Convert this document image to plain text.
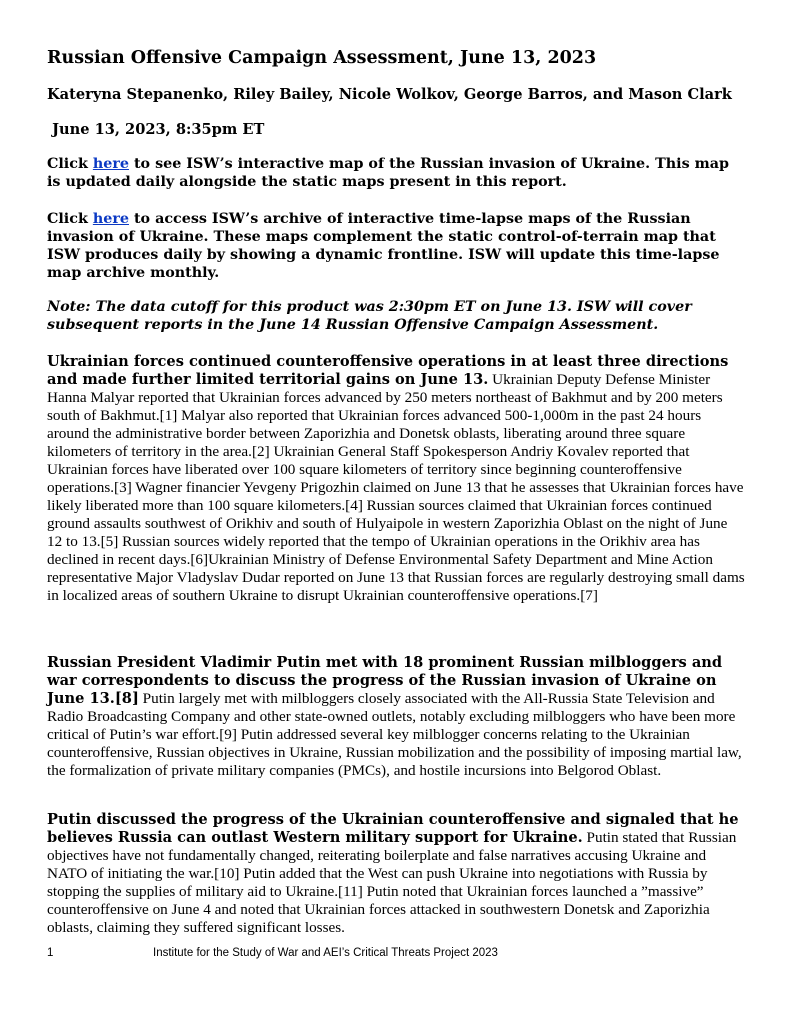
Russian Offensive Campaign Assessment, June 13, 2023

Kateryna Stepanenko, Riley Bailey, Nicole Wolkov, George Barros, and Mason Clark

June 13, 2023, 8:35pm ET

Click here to see ISW’s interactive map of the Russian invasion of Ukraine. This map is updated daily alongside the static maps present in this report.

Click here to access ISW’s archive of interactive time-lapse maps of the Russian invasion of Ukraine. These maps complement the static control-of-terrain map that ISW produces daily by showing a dynamic frontline. ISW will update this time-lapse map archive monthly.

Note: The data cutoff for this product was 2:30pm ET on June 13. ISW will cover subsequent reports in the June 14 Russian Offensive Campaign Assessment.

Ukrainian forces continued counteroffensive operations in at least three directions and made further limited territorial gains on June 13. Ukrainian Deputy Defense Minister Hanna Malyar reported that Ukrainian forces advanced by 250 meters northeast of Bakhmut and by 200 meters south of Bakhmut.[1] Malyar also reported that Ukrainian forces advanced 500-1,000m in the past 24 hours around the administrative border between Zaporizhia and Donetsk oblasts, liberating around three square kilometers of territory in the area.[2] Ukrainian General Staff Spokesperson Andriy Kovalev reported that Ukrainian forces have liberated over 100 square kilometers of territory since beginning counteroffensive operations.[3] Wagner financier Yevgeny Prigozhin claimed on June 13 that he assesses that Ukrainian forces have likely liberated more than 100 square kilometers.[4] Russian sources claimed that Ukrainian forces continued ground assaults southwest of Orikhiv and south of Hulyaipole in western Zaporizhia Oblast on the night of June 12 to 13.[5] Russian sources widely reported that the tempo of Ukrainian operations in the Orikhiv area has declined in recent days.[6]Ukrainian Ministry of Defense Environmental Safety Department and Mine Action representative Major Vladyslav Dudar reported on June 13 that Russian forces are regularly destroying small dams in localized areas of southern Ukraine to disrupt Ukrainian counteroffensive operations.[7]

Russian President Vladimir Putin met with 18 prominent Russian milbloggers and war correspondents to discuss the progress of the Russian invasion of Ukraine on June 13.[8] Putin largely met with milbloggers closely associated with the All-Russia State Television and Radio Broadcasting Company and other state-owned outlets, notably excluding milbloggers who have been more critical of Putin’s war effort.[9] Putin addressed several key milblogger concerns relating to the Ukrainian counteroffensive, Russian objectives in Ukraine, Russian mobilization and the possibility of imposing martial law, the formalization of private military companies (PMCs), and hostile incursions into Belgorod Oblast.

Putin discussed the progress of the Ukrainian counteroffensive and signaled that he believes Russia can outlast Western military support for Ukraine. Putin stated that Russian objectives have not fundamentally changed, reiterating boilerplate and false narratives accusing Ukraine and NATO of initiating the war.[10] Putin added that the West can push Ukraine into negotiations with Russia by stopping the supplies of military aid to Ukraine.[11] Putin noted that Ukrainian forces launched a ”massive” counteroffensive on June 4 and noted that Ukrainian forces attacked in southwestern Donetsk and Zaporizhia oblasts, claiming they suffered significant losses.

1	Institute for the Study of War and AEI’s Critical Threats Project 2023
